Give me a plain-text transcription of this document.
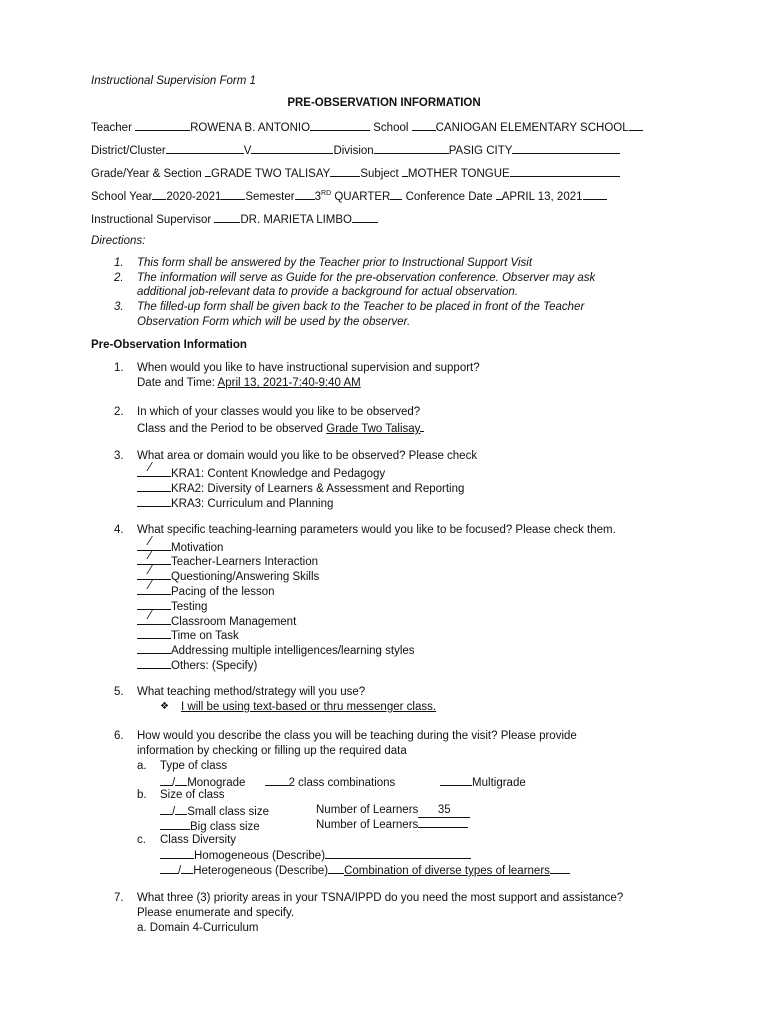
Instructional Supervision Form 1
PRE-OBSERVATION INFORMATION
Teacher	ROWENA B. ANTONIO	School CANIOGAN ELEMENTARY SCHOOL
District/Cluster	V	Division	PASIG CITY
Grade/Year & Section GRADE TWO TALISAY	Subject MOTHER TONGUE
School Year 2020-2021 Semester 3RD QUARTER Conference Date APRIL 13, 2021
Instructional Supervisor	DR. MARIETA LIMBO
Directions:
1. This form shall be answered by the Teacher prior to Instructional Support Visit
2. The information will serve as Guide for the pre-observation conference. Observer may ask
additional job-relevant data to provide a background for actual observation.
3. The filled-up form shall be given back to the Teacher to be placed in front of the Teacher
Observation Form which will be used by the observer.
Pre-Observation Information
1. When would you like to have instructional supervision and support?
Date and Time: April 13, 2021-7:40-9:40 AM
2. In which of your classes would you like to be observed?
Class and the Period to be observed Grade Two Talisay
3. What area or domain would you like to be observed? Please check
⁄ KRA1: Content Knowledge and Pedagogy
KRA2: Diversity of Learners & Assessment and Reporting
KRA3: Curriculum and Planning
4. What specific teaching-learning parameters would you like to be focused? Please check them.
⁄ Motivation
⁄ Teacher-Learners Interaction
⁄ Questioning/Answering Skills
⁄ Pacing of the lesson
Testing
⁄ Classroom Management
Time on Task
Addressing multiple intelligences/learning styles
Others: (Specify)
5. What teaching method/strategy will you use?
❖ I will be using text-based or thru messenger class.
6. How would you describe the class you will be teaching during the visit? Please provide
information by checking or filling up the required data
a. Type of class
/ Monograde	2 class combinations	Multigrade
b. Size of class
/ Small class size	Number of Learners 35
Big class size	Number of Learners
c. Class Diversity
Homogeneous (Describe)
/ Heterogeneous (Describe) Combination of diverse types of learners
7. What three (3) priority areas in your TSNA/IPPD do you need the most support and assistance?
Please enumerate and specify.
a. Domain 4-Curriculum
